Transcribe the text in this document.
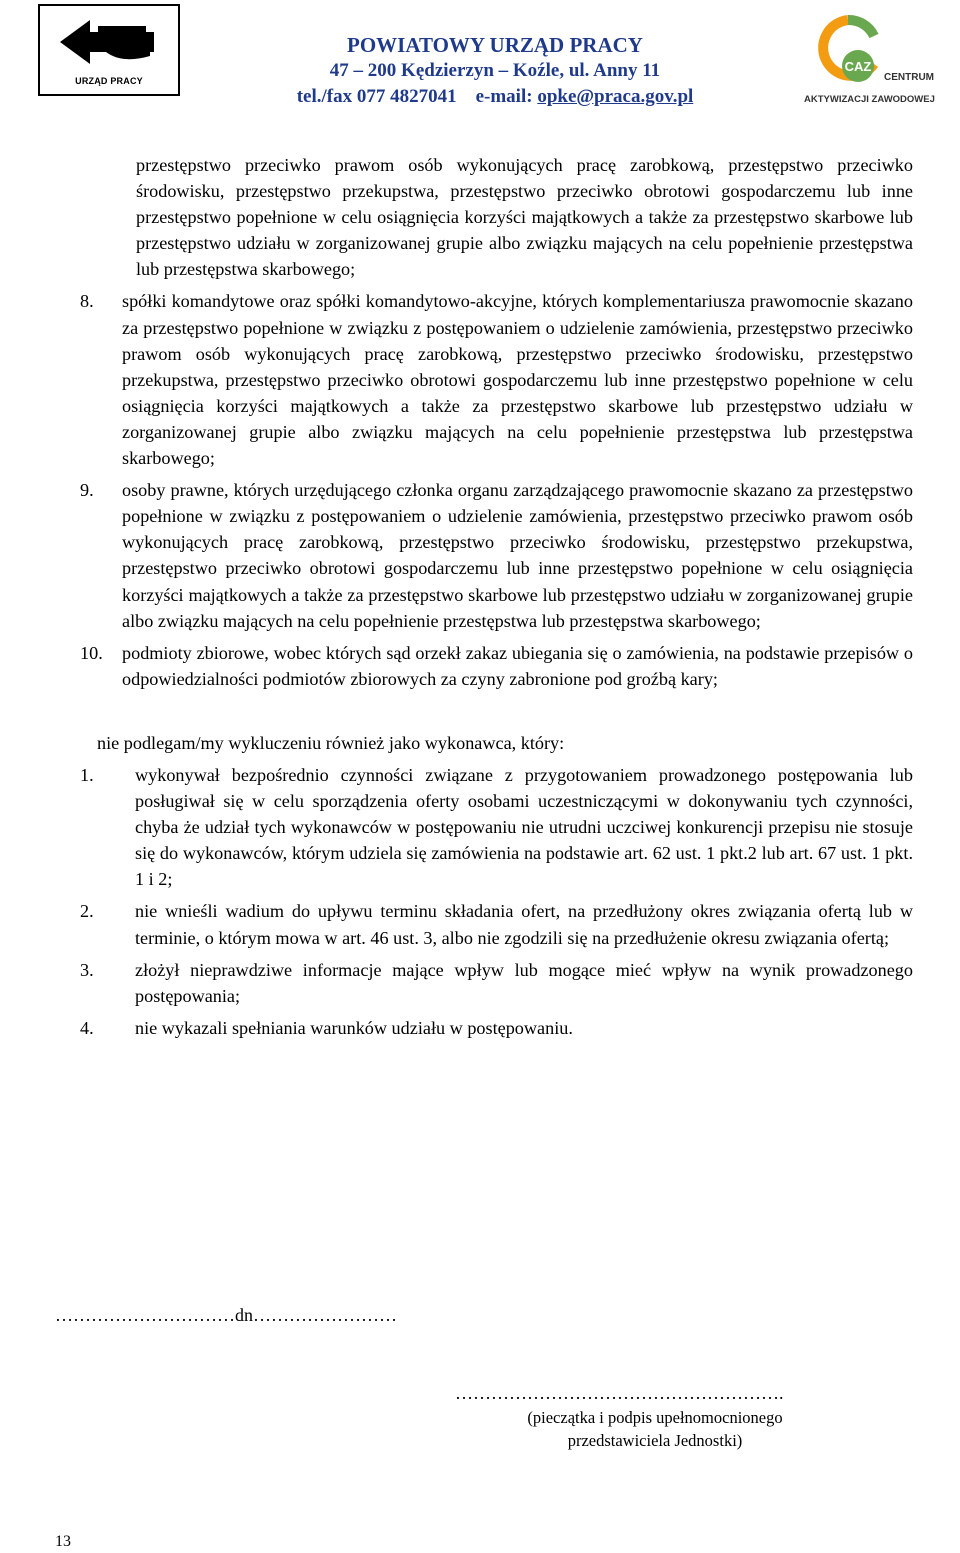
URZĄD PRACY
POWIATOWY URZĄD PRACY
47 – 200 Kędzierzyn – Koźle, ul. Anny 11
tel./fax 077 4827041    e-mail: opke@praca.gov.pl
CAZ
CENTRUM
AKTYWIZACJI ZAWODOWEJ

przestępstwo przeciwko prawom osób wykonujących pracę zarobkową, przestępstwo przeciwko środowisku, przestępstwo przekupstwa, przestępstwo przeciwko obrotowi gospodarczemu lub inne przestępstwo popełnione w celu osiągnięcia korzyści majątkowych a także za przestępstwo skarbowe lub przestępstwo udziału w zorganizowanej grupie albo związku mających na celu popełnienie przestępstwa lub przestępstwa skarbowego;

8.	spółki komandytowe oraz spółki komandytowo-akcyjne, których komplementariusza prawomocnie skazano za przestępstwo popełnione w związku z postępowaniem o udzielenie zamówienia, przestępstwo przeciwko prawom osób wykonujących pracę zarobkową, przestępstwo przeciwko środowisku, przestępstwo przekupstwa, przestępstwo przeciwko obrotowi gospodarczemu lub inne przestępstwo popełnione w celu osiągnięcia korzyści majątkowych a także za przestępstwo skarbowe lub przestępstwo udziału w zorganizowanej grupie albo związku mających na celu popełnienie przestępstwa lub przestępstwa skarbowego;
9.	osoby prawne, których urzędującego członka organu zarządzającego prawomocnie skazano za przestępstwo popełnione w związku z postępowaniem o udzielenie zamówienia, przestępstwo przeciwko prawom osób wykonujących pracę zarobkową, przestępstwo przeciwko środowisku, przestępstwo przekupstwa, przestępstwo przeciwko obrotowi gospodarczemu lub inne przestępstwo popełnione w celu osiągnięcia korzyści majątkowych a także za przestępstwo skarbowe lub przestępstwo udziału w zorganizowanej grupie albo związku mających na celu popełnienie przestępstwa lub przestępstwa skarbowego;
10.	podmioty zbiorowe, wobec których sąd orzekł zakaz ubiegania się o zamówienia, na podstawie przepisów o odpowiedzialności podmiotów zbiorowych za czyny zabronione pod groźbą kary;
nie podlegam/my wykluczeniu również jako wykonawca, który:
1.	wykonywał bezpośrednio czynności związane z przygotowaniem prowadzonego postępowania lub posługiwał się w celu sporządzenia oferty osobami uczestniczącymi w dokonywaniu tych czynności, chyba że udział tych wykonawców w postępowaniu nie utrudni uczciwej konkurencji przepisu nie stosuje się do wykonawców, którym udziela się zamówienia na podstawie art. 62 ust. 1 pkt.2 lub art. 67 ust. 1 pkt. 1 i 2;
2.	nie wnieśli wadium do upływu terminu składania ofert, na przedłużony okres związania ofertą lub w terminie, o którym mowa w art. 46 ust. 3, albo nie zgodzili się na przedłużenie okresu związania ofertą;
3.	złożył nieprawdziwe informacje mające wpływ lub mogące mieć wpływ na wynik prowadzonego postępowania;
4.	nie wykazali spełniania warunków udziału w postępowaniu.
…………………………dn……………………
……………………………………………….
(pieczątka i podpis upełnomocnionego
przedstawiciela Jednostki)
13
